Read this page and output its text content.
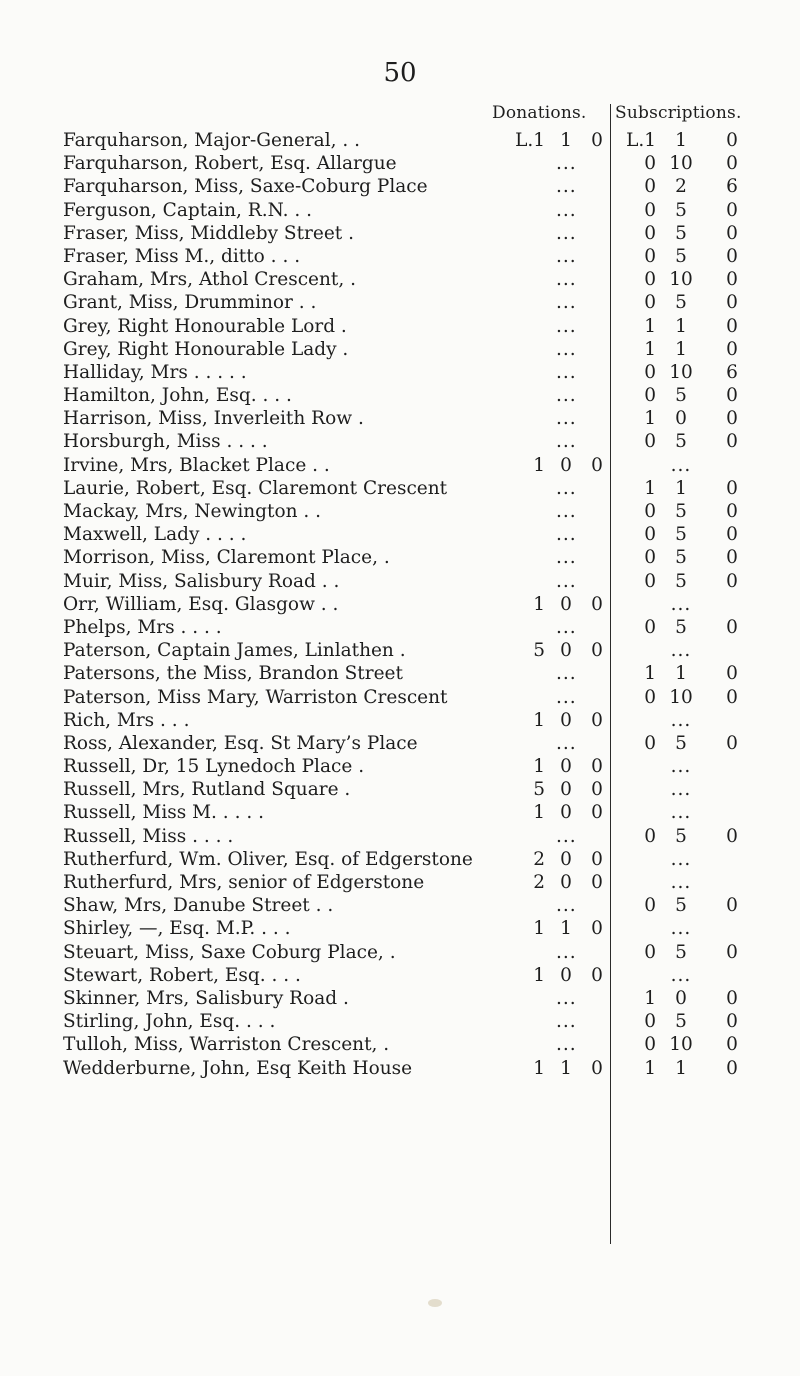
50
Donations. Subscriptions.
Farquharson, Major-General, . .	L.1 1 0	L.1	1	0
Farquharson, Robert, Esq. Allargue	...	0 10 0
Farquharson, Miss, Saxe-Coburg Place	...	0	2	6
Ferguson, Captain, R.N. . .	...	0	5	0
Fraser, Miss, Middleby Street .	...	0	5	0
Fraser, Miss M., ditto . . .	...	0	5	0
Graham, Mrs, Athol Crescent, .	...	0 10 0
Grant, Miss, Drumminor . .	...	0	5	0
Grey, Right Honourable Lord .	...	1	1	0
Grey, Right Honourable Lady .	...	1	1	0
Halliday, Mrs . . . . .	...	0 10 6
Hamilton, John, Esq. . . .	...	0	5	0
Harrison, Miss, Inverleith Row .	...	1	0	0
Horsburgh, Miss . . . .	...	0	5	0
Irvine, Mrs, Blacket Place . .	1 0 0	...
Laurie, Robert, Esq. Claremont Crescent	...	1	1	0
Mackay, Mrs, Newington . .	...	0	5	0
Maxwell, Lady . . . .	...	0	5	0
Morrison, Miss, Claremont Place, .	...	0	5	0
Muir, Miss, Salisbury Road . .	...	0	5	0
Orr, William, Esq. Glasgow . .	1 0 0	...
Phelps, Mrs . . . .	...	0	5	0
Paterson, Captain James, Linlathen .	5 0 0	...
Patersons, the Miss, Brandon Street	...	1	1	0
Paterson, Miss Mary, Warriston Crescent	...	0 10 0
Rich, Mrs . . .	1 0 0	...
Ross, Alexander, Esq. St Mary’s Place	...	0	5	0
Russell, Dr, 15 Lynedoch Place .	1 0 0	...
Russell, Mrs, Rutland Square .	5 0 0	...
Russell, Miss M. . . . .	1 0 0	...
Russell, Miss . . . .	...	0	5	0
Rutherfurd, Wm. Oliver, Esq. of Edgerstone	2 0 0	...
Rutherfurd, Mrs, senior of Edgerstone	2 0 0	...
Shaw, Mrs, Danube Street . .	...	0	5	0
Shirley, —, Esq. M.P. . . .	1 1 0	...
Steuart, Miss, Saxe Coburg Place, .	...	0	5	0
Stewart, Robert, Esq. . . .	1 0 0	...
Skinner, Mrs, Salisbury Road .	...	1	0	0
Stirling, John, Esq. . . .	...	0	5	0
Tulloh, Miss, Warriston Crescent, .	...	0 10 0
Wedderburne, John, Esq Keith House	1 1 0	1	1	0
